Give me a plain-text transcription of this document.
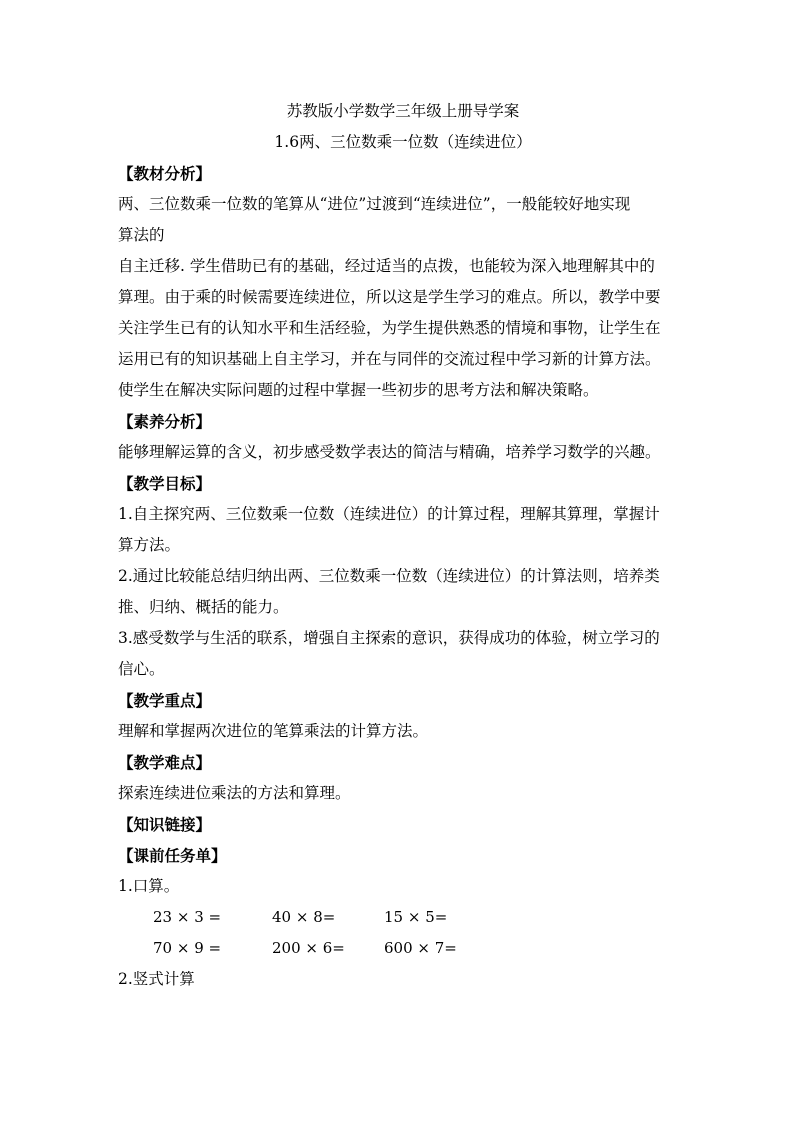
苏教版小学数学三年级上册导学案
1.6两、三位数乘一位数（连续进位）
【教材分析】
两、三位数乘一位数的笔算从“进位”过渡到“连续进位”，一般能较好地实现
算法的
自主迁移. 学生借助已有的基础，经过适当的点拨，也能较为深入地理解其中的
算理。由于乘的时候需要连续进位，所以这是学生学习的难点。所以，教学中要
关注学生已有的认知水平和生活经验，为学生提供熟悉的情境和事物，让学生在
运用已有的知识基础上自主学习，并在与同伴的交流过程中学习新的计算方法。
使学生在解决实际问题的过程中掌握一些初步的思考方法和解决策略。
【素养分析】
能够理解运算的含义，初步感受数学表达的简洁与精确，培养学习数学的兴趣。
【教学目标】
1.自主探究两、三位数乘一位数（连续进位）的计算过程，理解其算理，掌握计
算方法。
2.通过比较能总结归纳出两、三位数乘一位数（连续进位）的计算法则，培养类
推、归纳、概括的能力。
3.感受数学与生活的联系，增强自主探索的意识，获得成功的体验，树立学习的
信心。
【教学重点】
理解和掌握两次进位的笔算乘法的计算方法。
【教学难点】
探索连续进位乘法的方法和算理。
【知识链接】
【课前任务单】
1.口算。
23 × 3 =	40 × 8=	15 × 5=
70 × 9 =	200 × 6=	600 × 7=
2.竖式计算
